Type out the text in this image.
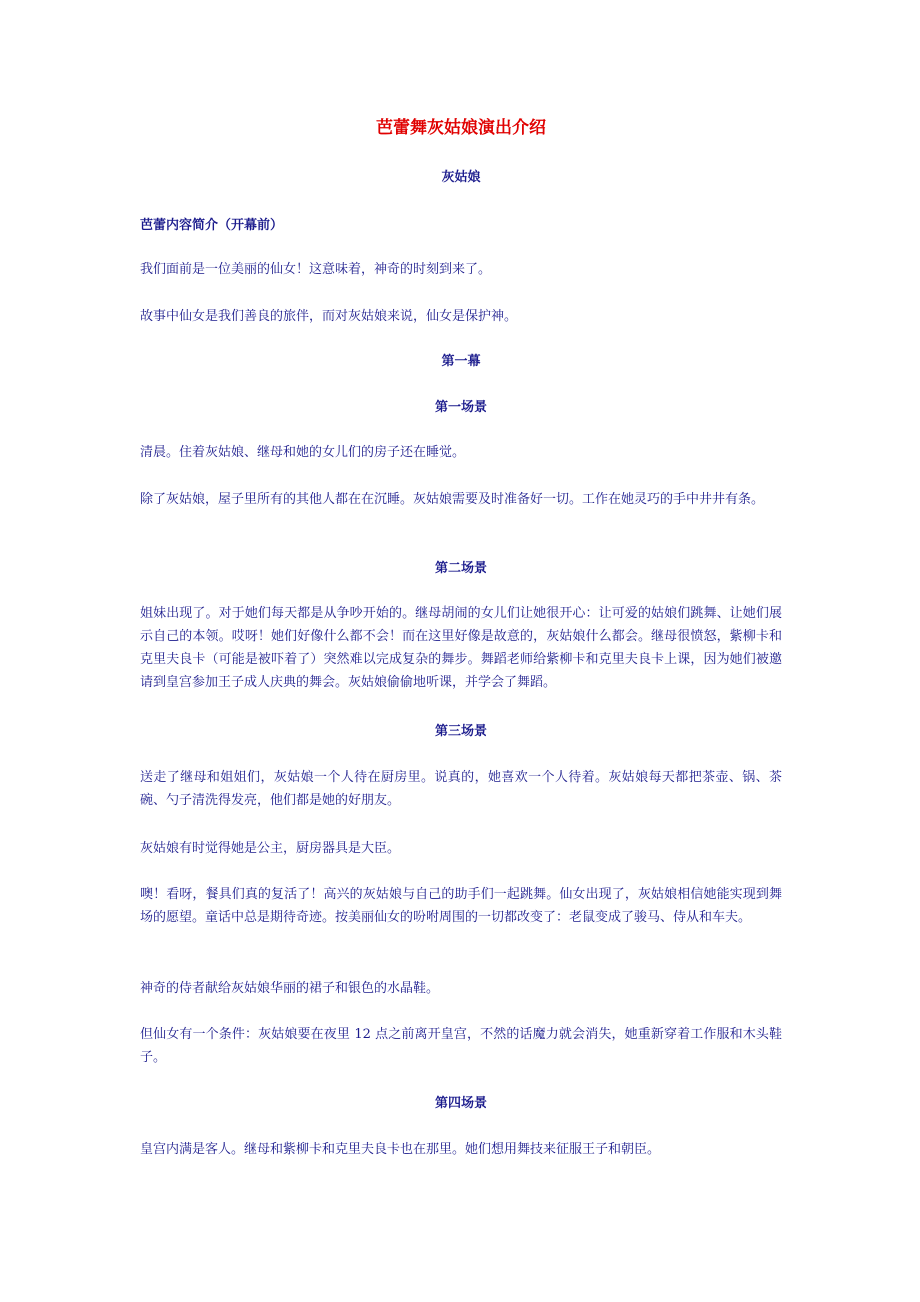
芭蕾舞灰姑娘演出介绍
灰姑娘
芭蕾内容简介（开幕前）

我们面前是一位美丽的仙女！这意味着，神奇的时刻到来了。

故事中仙女是我们善良的旅伴，而对灰姑娘来说，仙女是保护神。

第一幕
第一场景

清晨。住着灰姑娘、继母和她的女儿们的房子还在睡觉。

除了灰姑娘，屋子里所有的其他人都在在沉睡。灰姑娘需要及时准备好一切。工作在她灵巧的手中井井有条。

第二场景

姐妹出现了。对于她们每天都是从争吵开始的。继母胡闹的女儿们让她很开心：让可爱的姑娘们跳舞、让她们展示自己的本领。哎呀！她们好像什么都不会！而在这里好像是故意的，灰姑娘什么都会。继母很愤怒，紫柳卡和克里夫良卡（可能是被吓着了）突然难以完成复杂的舞步。舞蹈老师给紫柳卡和克里夫良卡上课，因为她们被邀请到皇宫参加王子成人庆典的舞会。灰姑娘偷偷地听课，并学会了舞蹈。

第三场景

送走了继母和姐姐们，灰姑娘一个人待在厨房里。说真的，她喜欢一个人待着。灰姑娘每天都把茶壶、锅、茶碗、勺子清洗得发亮，他们都是她的好朋友。

灰姑娘有时觉得她是公主，厨房器具是大臣。

噢！看呀，餐具们真的复活了！高兴的灰姑娘与自己的助手们一起跳舞。仙女出现了，灰姑娘相信她能实现到舞场的愿望。童话中总是期待奇迹。按美丽仙女的吩咐周围的一切都改变了：老鼠变成了骏马、侍从和车夫。

神奇的侍者献给灰姑娘华丽的裙子和银色的水晶鞋。

但仙女有一个条件：灰姑娘要在夜里 12 点之前离开皇宫，不然的话魔力就会消失，她重新穿着工作服和木头鞋子。

第四场景

皇宫内满是客人。继母和紫柳卡和克里夫良卡也在那里。她们想用舞技来征服王子和朝臣。
